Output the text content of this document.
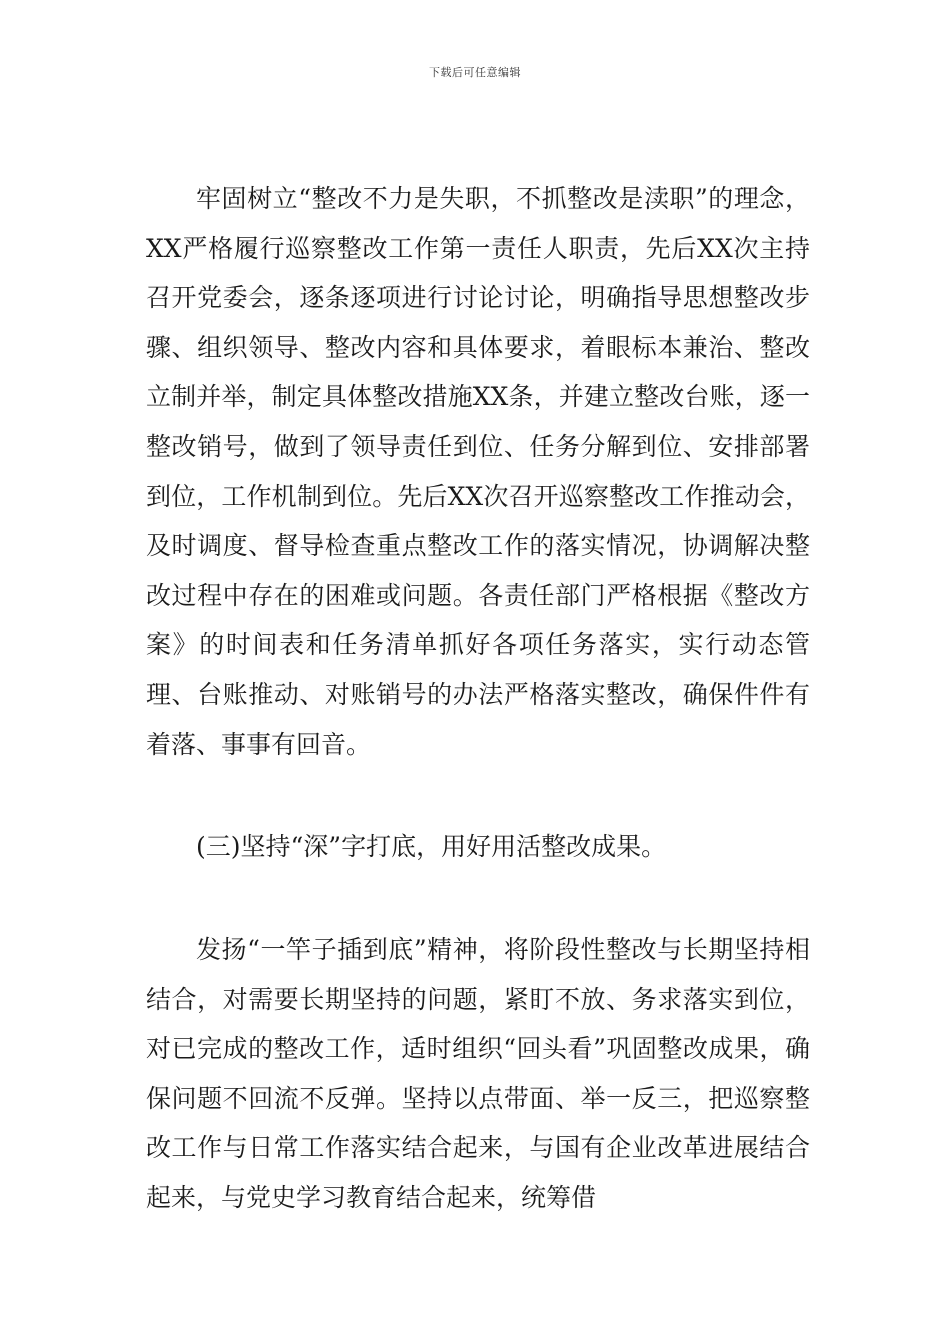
下载后可任意编辑

牢固树立“整改不力是失职，不抓整改是渎职”的理念，XX严格履行巡察整改工作第一责任人职责，先后XX次主持召开党委会，逐条逐项进行讨论讨论，明确指导思想整改步骤、组织领导、整改内容和具体要求，着眼标本兼治、整改立制并举，制定具体整改措施XX条，并建立整改台账，逐一整改销号，做到了领导责任到位、任务分解到位、安排部署到位，工作机制到位。先后XX次召开巡察整改工作推动会，及时调度、督导检查重点整改工作的落实情况，协调解决整改过程中存在的困难或问题。各责任部门严格根据《整改方案》的时间表和任务清单抓好各项任务落实，实行动态管理、台账推动、对账销号的办法严格落实整改，确保件件有着落、事事有回音。

(三)坚持“深”字打底，用好用活整改成果。

发扬“一竿子插到底”精神，将阶段性整改与长期坚持相结合，对需要长期坚持的问题，紧盯不放、务求落实到位，对已完成的整改工作，适时组织“回头看”巩固整改成果，确保问题不回流不反弹。坚持以点带面、举一反三，把巡察整改工作与日常工作落实结合起来，与国有企业改革进展结合起来，与党史学习教育结合起来，统筹借
